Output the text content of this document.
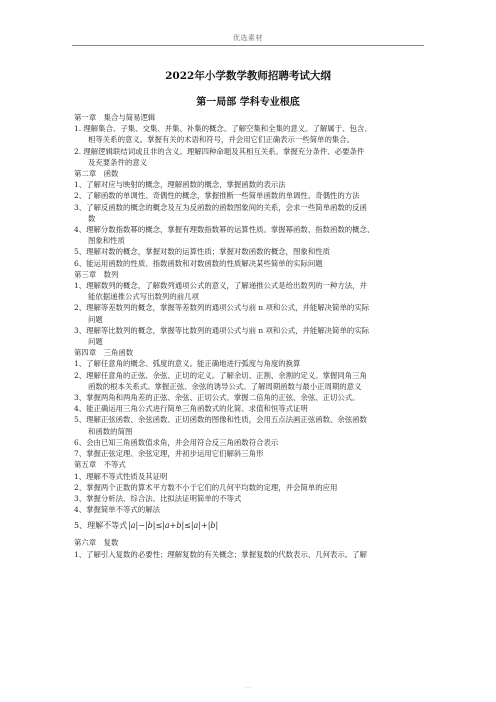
优选素材
2022年小学数学教师招聘考试大纲
第一局部 学科专业根底
第一章　集合与简易逻辑
1. 理解集合、子集、交集、并集、补集的概念。了解空集和全集的意义。了解属于、包含、
相等关系的意义。掌握有关的术语和符号，并会用它们正确表示一些简单的集合。
2. 理解逻辑联结词或且非的含义。理解四种命题及其相互关系。掌握充分条件、必要条件
及充要条件的意义
第二章　函数
1、了解对应与映射的概念，理解函数的概念，掌握函数的表示法
2、了解函数的单调性、奇偶性的概念，掌握推断一些简单函数的单调性、奇偶性的方法
3、了解反函数的概念的概念及互为反函数的函数图象间的关系，会求一些简单函数的反函
数
4、理解分数指数幂的概念，掌握有理数指数幂的运算性质。掌握幂函数、指数函数的概念、
图象和性质
5、理解对数的概念，掌握对数的运算性质；掌握对数函数的概念，图象和性质
6、能运用函数的性质、指数函数和对数函数的性质解决某些简单的实际问题
第三章　数列
1、理解数列的概念，了解数列通项公式的意义，了解递推公式是给出数列的一种方法，并
能依据递推公式写出数列的前几项
2、理解等差数列的概念，掌握等差数列的通项公式与前 n 项和公式，并能解决简单的实际
问题
3、理解等比数列的概念，掌握等比数列的通项公式与前 n 项和公式，并能解决简单的实际
问题
第四章　三角函数
1、了解任意角的概念、弧度的意义。能正确地进行弧度与角度的换算
2、理解任意角的正弦、余弦、正切的定义。了解余切、正割、余割的定义。掌握同角三角
函数的根本关系式。掌握正弦、余弦的诱导公式。了解周期函数与最小正周期的意义
3、掌握两角和两角差的正弦、余弦、正切公式。掌握二倍角的正弦、余弦、正切公式。
4、能正确运用三角公式进行简单三角函数式的化简、求值和恒等式证明
5、理解正弦函数、余弦函数、正切函数的图像和性质，会用五点法画正弦函数、余弦函数
和函数的简图
6、会由已知三角函数值求角，并会用符合反三角函数符合表示
7、掌握正弦定理、余弦定理，并初步运用它们解斜三角形
第五章　不等式
1、理解不等式性质及其证明
2、掌握两个正数的算术平方数不小于它们的几何平均数的定理，并会简单的应用
3、掌握分析法、综合法、比拟法证明简单的不等式
4、掌握简单不等式的解法
5、理解不等式|a|−|b|≤|a+b|≤|a|+|b|
第六章　复数
1、了解引入复数的必要性；理解复数的有关概念；掌握复数的代数表示、几何表示。了解
· ·
